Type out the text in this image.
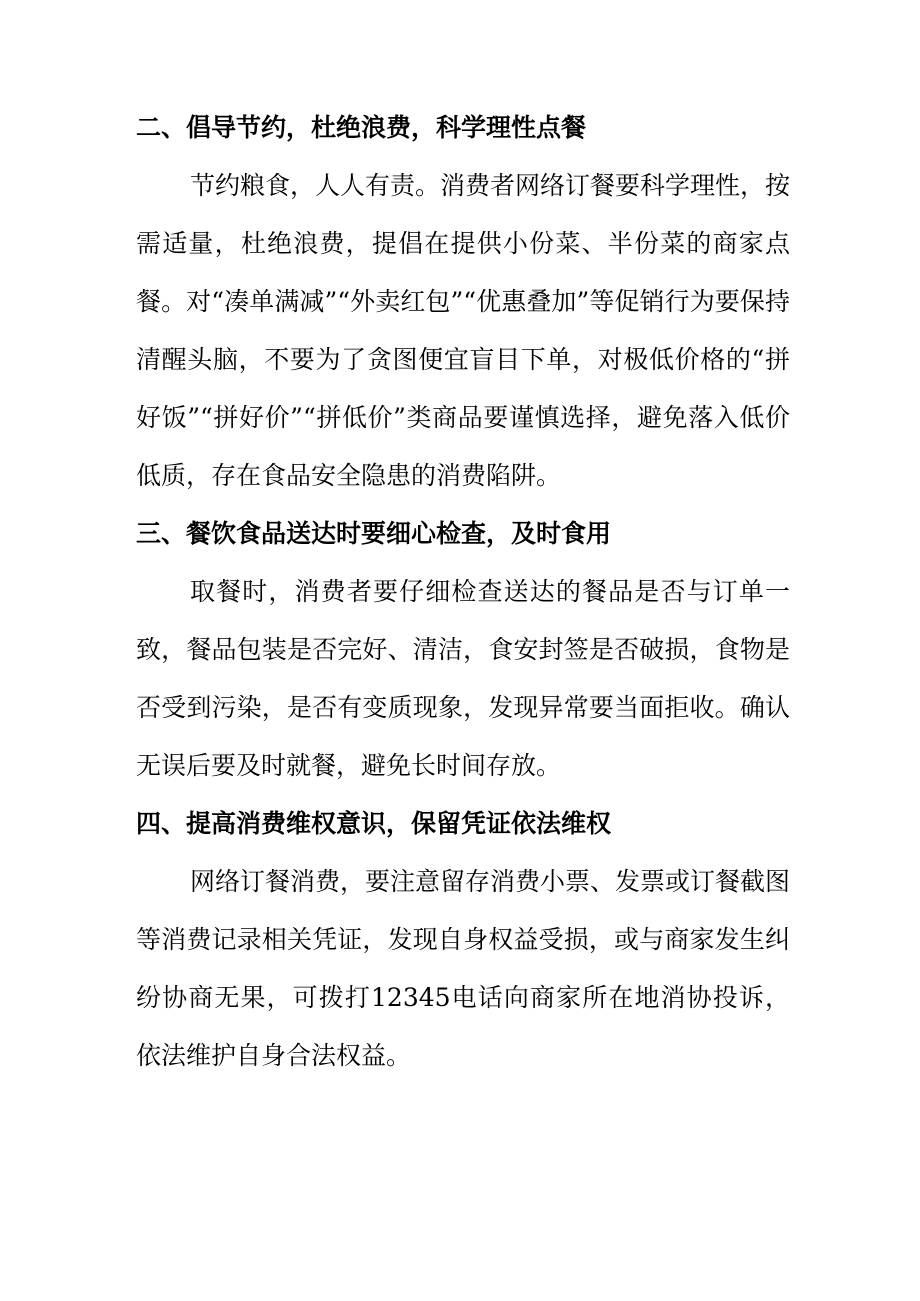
二、倡导节约，杜绝浪费，科学理性点餐

节约粮食，人人有责。消费者网络订餐要科学理性，按需适量，杜绝浪费，提倡在提供小份菜、半份菜的商家点餐。对“凑单满减”“外卖红包”“优惠叠加”等促销行为要保持清醒头脑，不要为了贪图便宜盲目下单，对极低价格的“拼好饭”“拼好价”“拼低价”类商品要谨慎选择，避免落入低价低质，存在食品安全隐患的消费陷阱。

三、餐饮食品送达时要细心检查，及时食用

取餐时，消费者要仔细检查送达的餐品是否与订单一致，餐品包装是否完好、清洁，食安封签是否破损，食物是否受到污染，是否有变质现象，发现异常要当面拒收。确认无误后要及时就餐，避免长时间存放。

四、提高消费维权意识，保留凭证依法维权

网络订餐消费，要注意留存消费小票、发票或订餐截图等消费记录相关凭证，发现自身权益受损，或与商家发生纠纷协商无果，可拨打12345电话向商家所在地消协投诉，依法维护自身合法权益。
